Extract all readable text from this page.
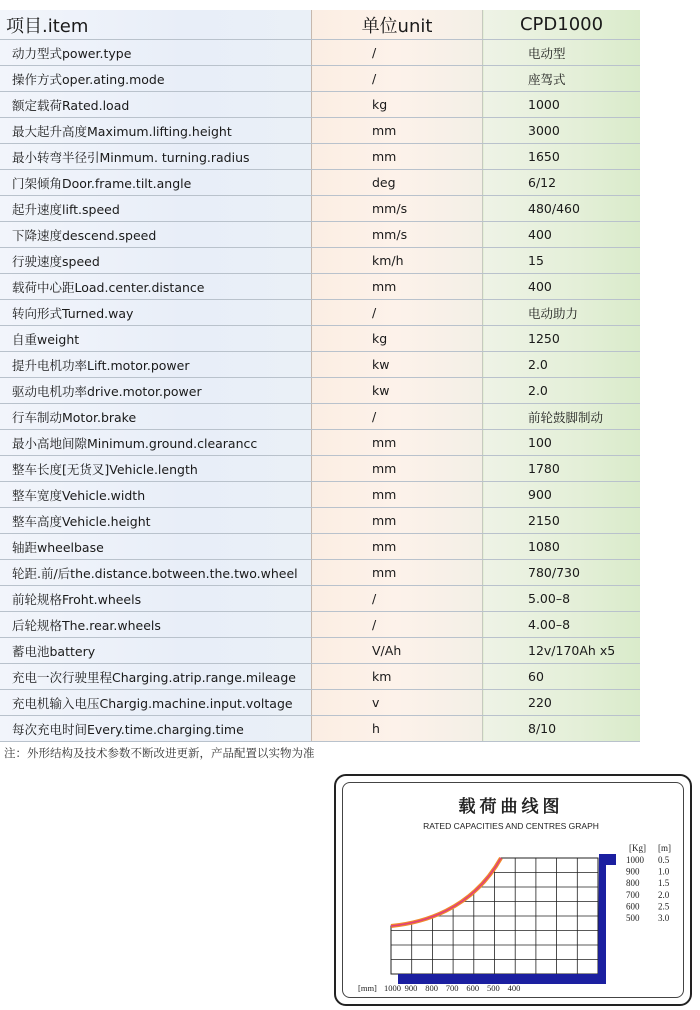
项目.item	单位unit	CPD1000
动力型式power.type	/	电动型
操作方式oper.ating.mode	/	座驾式
额定载荷Rated.load	kg	1000
最大起升高度Maximum.lifting.height	mm	3000
最小转弯半径引Minmum. turning.radius	mm	1650
门架倾角Door.frame.tilt.angle	deg	6/12
起升速度lift.speed	mm/s	480/460
下降速度descend.speed	mm/s	400
行驶速度speed	km/h	15
载荷中心距Load.center.distance	mm	400
转向形式Turned.way	/	电动助力
自重weight	kg	1250
提升电机功率Lift.motor.power	kw	2.0
驱动电机功率drive.motor.power	kw	2.0
行车制动Motor.brake	/	前轮鼓脚制动
最小高地间隙Minimum.ground.clearancc	mm	100
整车长度[无货叉]Vehicle.length	mm	1780
整车宽度Vehicle.width	mm	900
整车高度Vehicle.height	mm	2150
轴距wheelbase	mm	1080
轮距.前/后the.distance.botween.the.two.wheel	mm	780/730
前轮规格Froht.wheels	/	5.00–8
后轮规格The.rear.wheels	/	4.00–8
蓄电池battery	V/Ah	12v/170Ah x5
充电一次行驶里程Charging.atrip.range.mileage	km	60
充电机输入电压Chargig.machine.input.voltage	v	220
每次充电时间Every.time.charging.time	h	8/10
注：外形结构及技术参数不断改进更新，产品配置以实物为准
载荷曲线图
RATED CAPACITIES AND CENTRES GRAPH
[Kg] [m]
1000 0.5
900 1.0
800 1.5
700 2.0
600 2.5
500 3.0
[mm] 1000 900 800 700 600 500 400
